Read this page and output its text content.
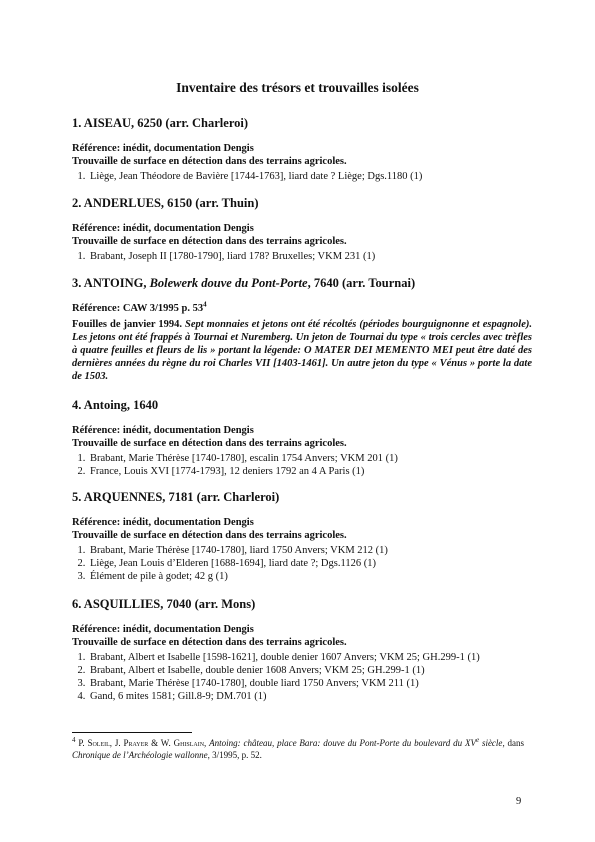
Inventaire des trésors et trouvailles isolées

1. AISEAU, 6250 (arr. Charleroi)

Référence: inédit, documentation Dengis

Trouvaille de surface en détection dans des terrains agricoles.

1. Liège, Jean Théodore de Bavière [1744-1763], liard date ? Liège; Dgs.1180 (1)

2. ANDERLUES, 6150 (arr. Thuin)

Référence: inédit, documentation Dengis

Trouvaille de surface en détection dans des terrains agricoles.

1. Brabant, Joseph II [1780-1790], liard 178? Bruxelles; VKM 231 (1)

3. ANTOING, Bolewerk douve du Pont-Porte, 7640 (arr. Tournai)

Référence: CAW 3/1995 p. $53^4$

Fouilles de janvier 1994. Sept monnaies et jetons ont été récoltés (périodes bourguignonne et espagnole). Les jetons ont été frappés à Tournai et Nuremberg. Un jeton de Tournai du type « trois cercles avec trèfles à quatre feuilles et fleurs de lis » portant la légende: O MATER DEI MEMENTO MEI peut être daté des dernières années du règne du roi Charles VII [1403-1461]. Un autre jeton du type « Vénus » porte la date de 1503.

4. Antoing, 1640

Référence: inédit, documentation Dengis

Trouvaille de surface en détection dans des terrains agricoles.

1. Brabant, Marie Thérèse [1740-1780], escalin 1754 Anvers; VKM 201 (1)
2. France, Louis XVI [1774-1793], 12 deniers 1792 an 4 A Paris (1)

5. ARQUENNES, 7181 (arr. Charleroi)

Référence: inédit, documentation Dengis

Trouvaille de surface en détection dans des terrains agricoles.

1. Brabant, Marie Thérèse [1740-1780], liard 1750 Anvers; VKM 212 (1)
2. Liège, Jean Louis d’Elderen [1688-1694], liard date ?; Dgs.1126 (1)
3. Élément de pile à godet; 42 g (1)

6. ASQUILLIES, 7040 (arr. Mons)

Référence: inédit, documentation Dengis

Trouvaille de surface en détection dans des terrains agricoles.

1. Brabant, Albert et Isabelle [1598-1621], double denier 1607 Anvers; VKM 25; GH.299-1 (1)
2. Brabant, Albert et Isabelle, double denier 1608 Anvers; VKM 25; GH.299-1 (1)
3. Brabant, Marie Thérèse [1740-1780], double liard 1750 Anvers; VKM 211 (1)
4. Gand, 6 mites 1581; Gill.8-9; DM.701 (1)
$^4$ P. Soleil, J. Prayer & W. Ghislain, Antoing: château, place Bara: douve du Pont-Porte du boulevard du XVe siècle, dans Chronique de l’Archéologie wallonne, 3/1995, p. 52.
9
